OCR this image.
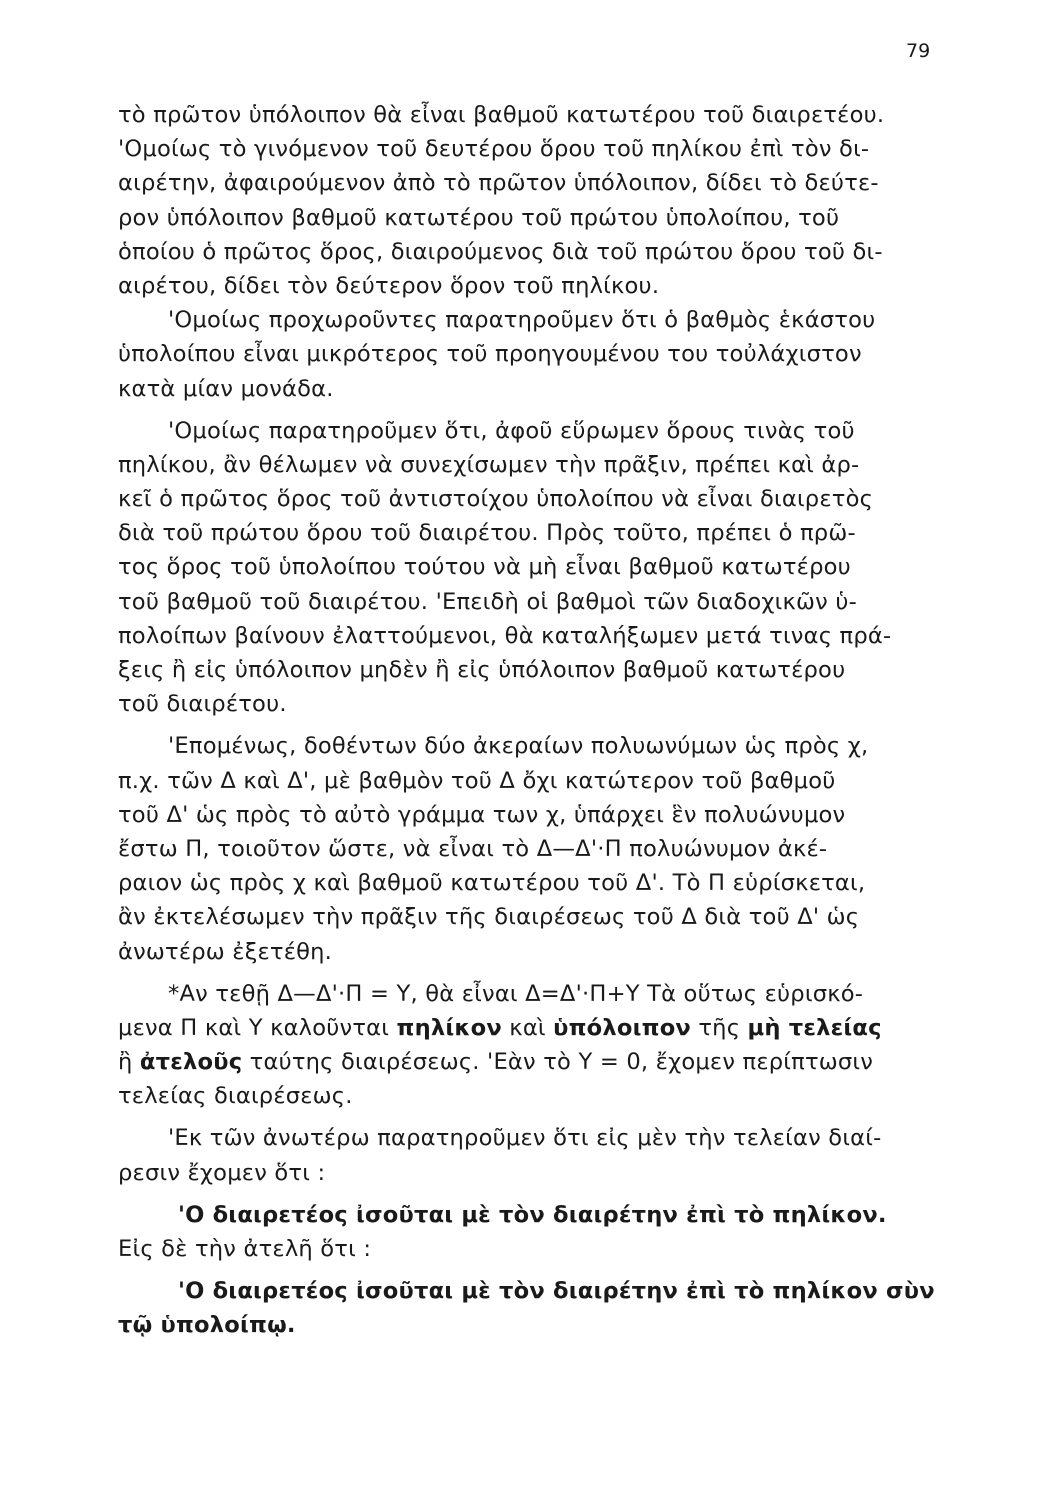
79
τὸ πρῶτον ὑπόλοιπον θὰ εἶναι βαθμοῦ κατωτέρου τοῦ διαιρετέου.
'Ομοίως τὸ γινόμενον τοῦ δευτέρου ὅρου τοῦ πηλίκου ἐπὶ τὸν δι-
αιρέτην, ἀφαιρούμενον ἀπὸ τὸ πρῶτον ὑπόλοιπον, δίδει τὸ δεύτε-
ρον ὑπόλοιπον βαθμοῦ κατωτέρου τοῦ πρώτου ὑπολοίπου, τοῦ
ὁποίου ὁ πρῶτος ὅρος, διαιρούμενος διὰ τοῦ πρώτου ὅρου τοῦ δι-
αιρέτου, δίδει τὸν δεύτερον ὅρον τοῦ πηλίκου.
'Ομοίως προχωροῦντες παρατηροῦμεν ὅτι ὁ βαθμὸς ἑκάστου
ὑπολοίπου εἶναι μικρότερος τοῦ προηγουμένου του τοὐλάχιστον
κατὰ μίαν μονάδα.
'Ομοίως παρατηροῦμεν ὅτι, ἀφοῦ εὕρωμεν ὅρους τινὰς τοῦ
πηλίκου, ἂν θέλωμεν νὰ συνεχίσωμεν τὴν πρᾶξιν, πρέπει καὶ ἀρ-
κεῖ ὁ πρῶτος ὅρος τοῦ ἀντιστοίχου ὑπολοίπου νὰ εἶναι διαιρετὸς
διὰ τοῦ πρώτου ὅρου τοῦ διαιρέτου. Πρὸς τοῦτο, πρέπει ὁ πρῶ-
τος ὅρος τοῦ ὑπολοίπου τούτου νὰ μὴ εἶναι βαθμοῦ κατωτέρου
τοῦ βαθμοῦ τοῦ διαιρέτου. 'Επειδὴ οἱ βαθμοὶ τῶν διαδοχικῶν ὑ-
πολοίπων βαίνουν ἐλαττούμενοι, θὰ καταλήξωμεν μετά τινας πρά-
ξεις ἢ εἰς ὑπόλοιπον μηδὲν ἢ εἰς ὑπόλοιπον βαθμοῦ κατωτέρου
τοῦ διαιρέτου.
'Επομένως, δοθέντων δύο ἀκεραίων πολυωνύμων ὡς πρὸς χ,
π.χ. τῶν Δ καὶ Δ', μὲ βαθμὸν τοῦ Δ ὄχι κατώτερον τοῦ βαθμοῦ
τοῦ Δ' ὡς πρὸς τὸ αὐτὸ γράμμα των χ, ὑπάρχει ἓν πολυώνυμον
ἔστω Π, τοιοῦτον ὥστε, νὰ εἶναι τὸ Δ—Δ'·Π πολυώνυμον ἀκέ-
ραιον ὡς πρὸς χ καὶ βαθμοῦ κατωτέρου τοῦ Δ'. Τὸ Π εὑρίσκεται,
ἂν ἐκτελέσωμεν τὴν πρᾶξιν τῆς διαιρέσεως τοῦ Δ διὰ τοῦ Δ' ὡς
ἀνωτέρω ἐξετέθη.
*Αν τεθῇ Δ—Δ'·Π = Υ, θὰ εἶναι Δ=Δ'·Π+Υ Τὰ οὕτως εὑρισκό-
μενα Π καὶ Υ καλοῦνται πηλίκον καὶ ὑπόλοιπον τῆς μὴ τελείας
ἢ ἀτελοῦς ταύτης διαιρέσεως. 'Εὰν τὸ Υ = 0, ἔχομεν περίπτωσιν
τελείας διαιρέσεως.
'Εκ τῶν ἀνωτέρω παρατηροῦμεν ὅτι εἰς μὲν τὴν τελείαν διαί-
ρεσιν ἔχομεν ὅτι :
'Ο διαιρετέος ἰσοῦται μὲ τὸν διαιρέτην ἐπὶ τὸ πηλίκον.
Εἰς δὲ τὴν ἀτελῆ ὅτι :
'Ο διαιρετέος ἰσοῦται μὲ τὸν διαιρέτην ἐπὶ τὸ πηλίκον σὺν
τῷ ὑπολοίπῳ.
